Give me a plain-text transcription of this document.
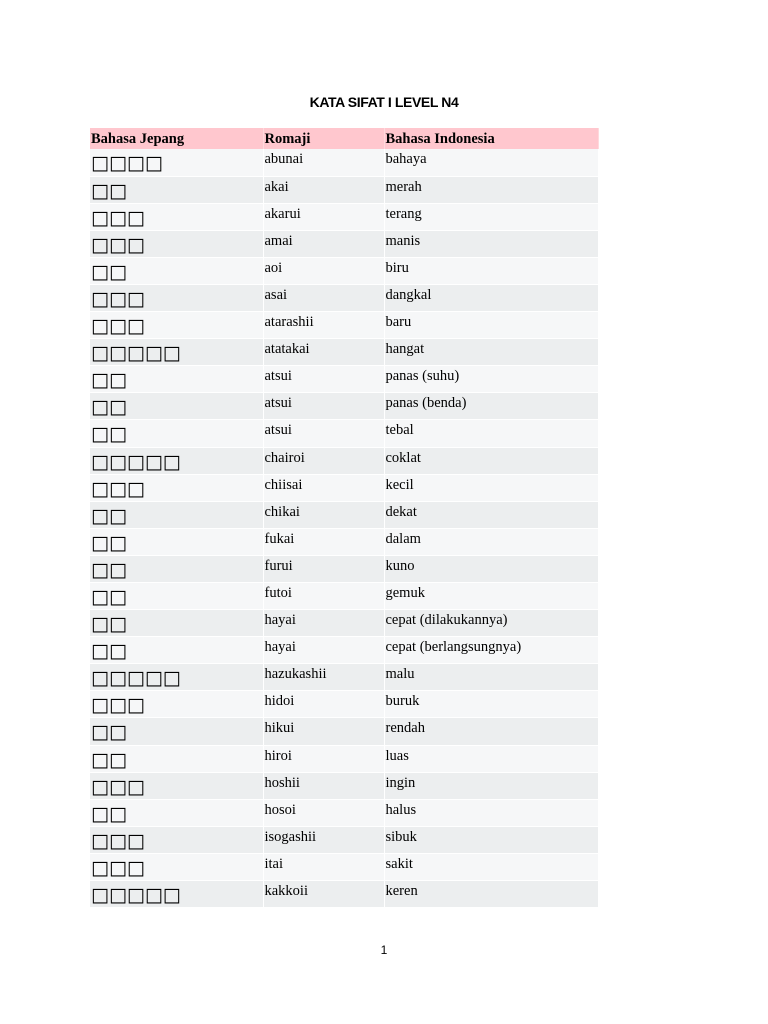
KATA SIFAT I LEVEL N4
Bahasa Jepang	Romaji	Bahasa Indonesia
□□□□	abunai	bahaya
□□	akai	merah
□□□	akarui	terang
□□□	amai	manis
□□	aoi	biru
□□□	asai	dangkal
□□□	atarashii	baru
□□□□□	atatakai	hangat
□□	atsui	panas (suhu)
□□	atsui	panas (benda)
□□	atsui	tebal
□□□□□	chairoi	coklat
□□□	chiisai	kecil
□□	chikai	dekat
□□	fukai	dalam
□□	furui	kuno
□□	futoi	gemuk
□□	hayai	cepat (dilakukannya)
□□	hayai	cepat (berlangsungnya)
□□□□□	hazukashii	malu
□□□	hidoi	buruk
□□	hikui	rendah
□□	hiroi	luas
□□□	hoshii	ingin
□□	hosoi	halus
□□□	isogashii	sibuk
□□□	itai	sakit
□□□□□	kakkoii	keren
1
